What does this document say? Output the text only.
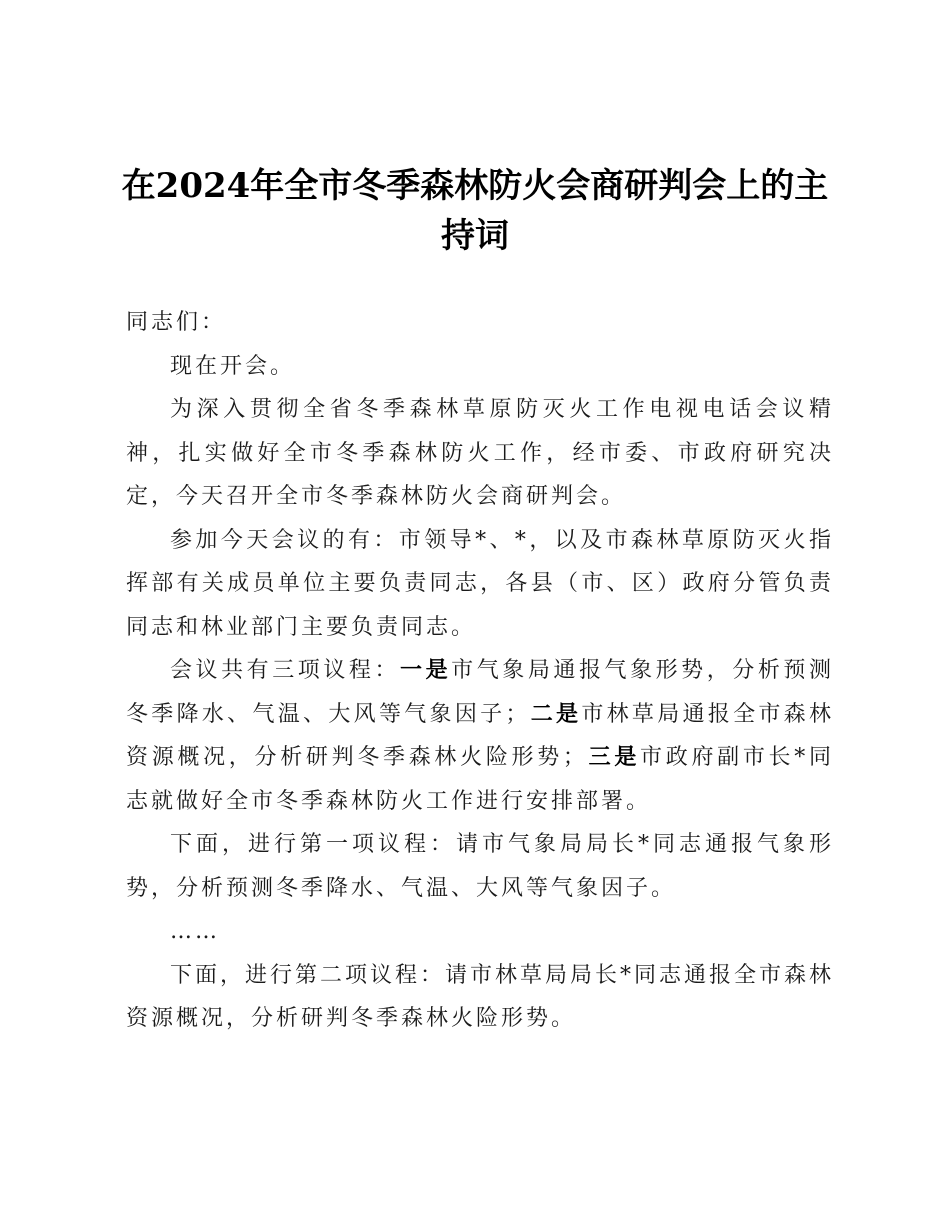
在2024年全市冬季森林防火会商研判会上的主持词

同志们：

现在开会。

为深入贯彻全省冬季森林草原防灭火工作电视电话会议精神，扎实做好全市冬季森林防火工作，经市委、市政府研究决定，今天召开全市冬季森林防火会商研判会。

参加今天会议的有：市领导*、*，以及市森林草原防灭火指挥部有关成员单位主要负责同志，各县（市、区）政府分管负责同志和林业部门主要负责同志。

会议共有三项议程：一是市气象局通报气象形势，分析预测冬季降水、气温、大风等气象因子；二是市林草局通报全市森林资源概况，分析研判冬季森林火险形势；三是市政府副市长*同志就做好全市冬季森林防火工作进行安排部署。

下面，进行第一项议程：请市气象局局长*同志通报气象形势，分析预测冬季降水、气温、大风等气象因子。

……

下面，进行第二项议程：请市林草局局长*同志通报全市森林资源概况，分析研判冬季森林火险形势。
